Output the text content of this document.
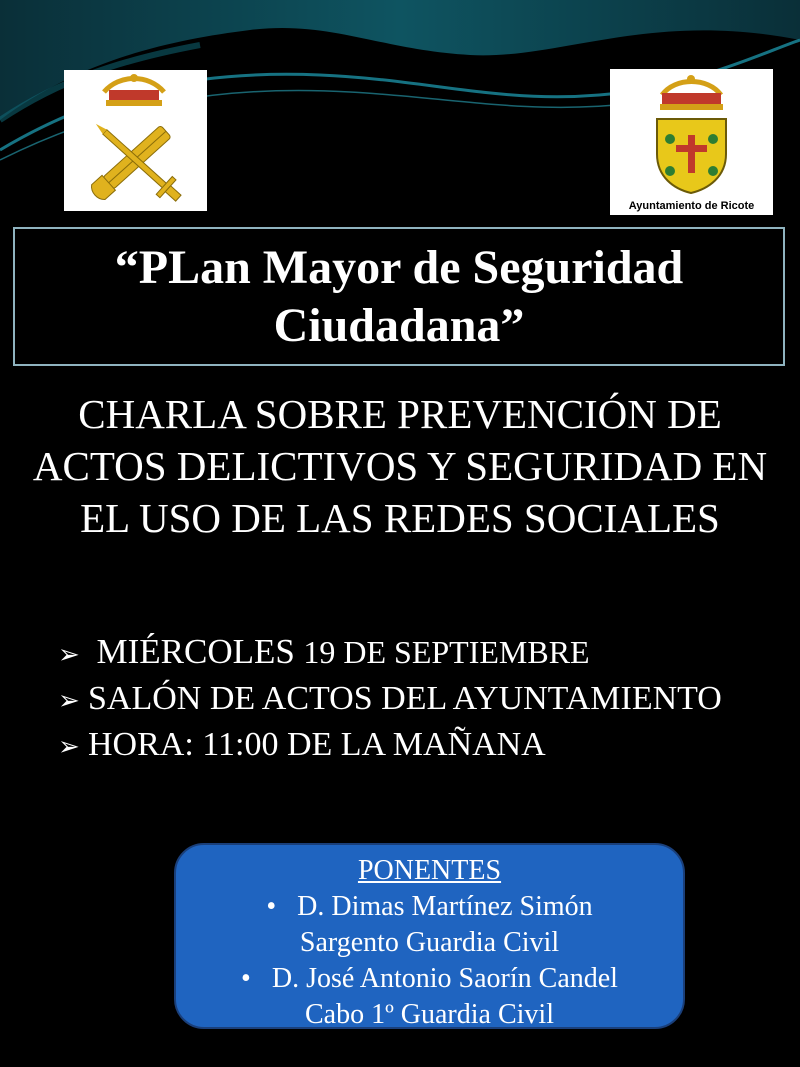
Ayuntamiento de Ricote
“PLan Mayor de Seguridad
Ciudadana”
CHARLA SOBRE PREVENCIÓN DE
ACTOS DELICTIVOS Y SEGURIDAD EN
EL USO DE LAS REDES SOCIALES
➢ MIÉRCOLES 19 DE SEPTIEMBRE
➢ SALÓN DE ACTOS DEL AYUNTAMIENTO
➢ HORA: 11:00 DE LA MAÑANA
PONENTES
•   D. Dimas Martínez Simón
Sargento Guardia Civil
•   D. José Antonio Saorín Candel
Cabo 1º Guardia Civil
